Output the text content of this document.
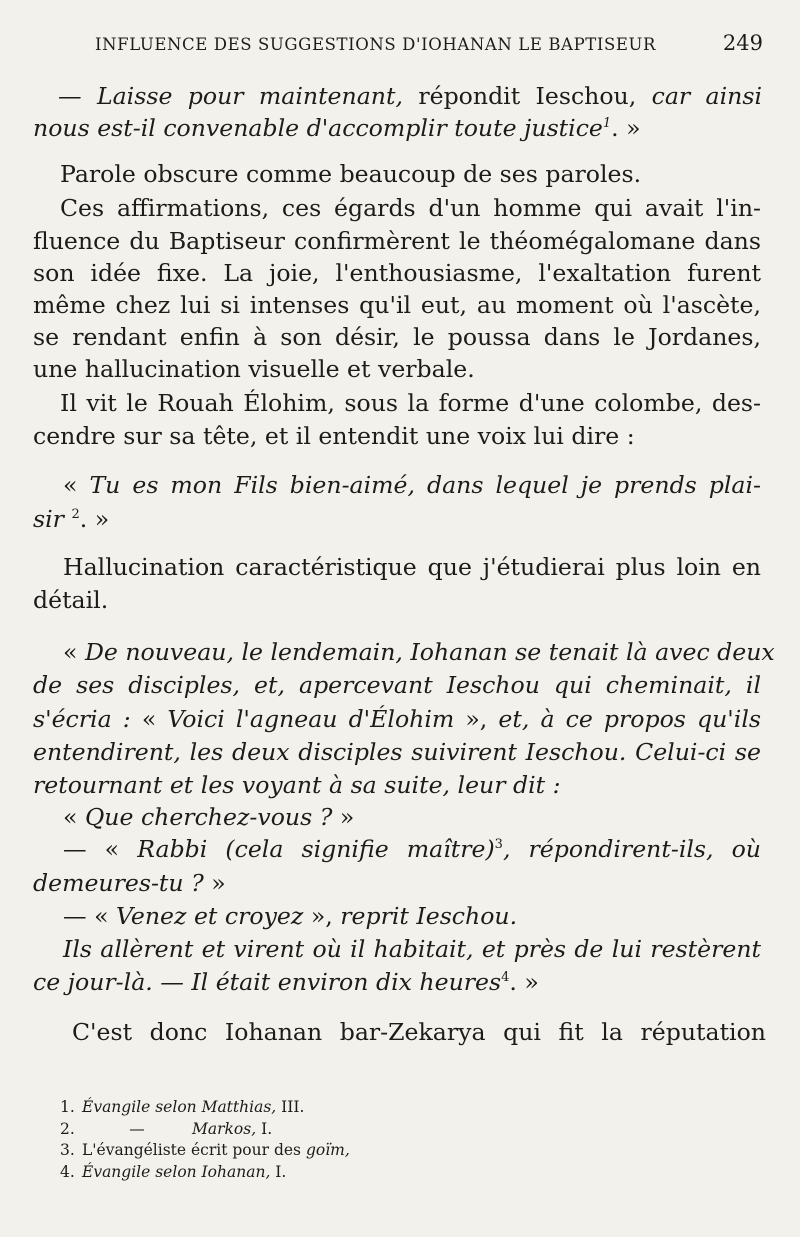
INFLUENCE DES SUGGESTIONS D'IOHANAN LE BAPTISEUR	249
— Laisse pour maintenant, répondit Ieschou, car ainsi
nous est-il convenable d'accomplir toute justice$^1$. »
Parole obscure comme beaucoup de ses paroles.
Ces affirmations, ces égards d'un homme qui avait l'in-
fluence du Baptiseur confirmèrent le théomégalomane dans
son idée fixe. La joie, l'enthousiasme, l'exaltation furent
même chez lui si intenses qu'il eut, au moment où l'ascète,
se rendant enfin à son désir, le poussa dans le Jordanes,
une hallucination visuelle et verbale.
Il vit le Rouah Élohim, sous la forme d'une colombe, des-
cendre sur sa tête, et il entendit une voix lui dire :
« Tu es mon Fils bien-aimé, dans lequel je prends plai-
sir $^2$. »
Hallucination caractéristique que j'étudierai plus loin en
détail.
« De nouveau, le lendemain, Iohanan se tenait là avec deux
de ses disciples, et, apercevant Ieschou qui cheminait, il
s'écria : « Voici l'agneau d'Élohim », et, à ce propos qu'ils
entendirent, les deux disciples suivirent Ieschou. Celui-ci se
retournant et les voyant à sa suite, leur dit :
« Que cherchez-vous ? »
— « Rabbi (cela signifie maître)$^3$, répondirent-ils, où
demeures-tu ? »
— « Venez et croyez », reprit Ieschou.
Ils allèrent et virent où il habitait, et près de lui restèrent
ce jour-là. — Il était environ dix heures$^4$. »
C'est donc Iohanan bar-Zekarya qui fit la réputation
1. Évangile selon Matthias, III.
2.	—	Markos, I.
3. L'évangéliste écrit pour des goïm,
4. Évangile selon Iohanan, I.
